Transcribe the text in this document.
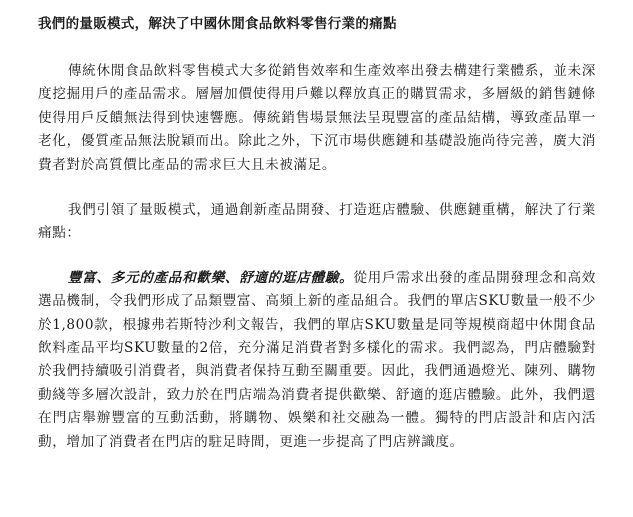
我們的量販模式，解決了中國休閒食品飲料零售行業的痛點

傳統休閒食品飲料零售模式大多從銷售效率和生產效率出發去構建行業體系，並未深度挖掘用戶的產品需求。層層加價使得用戶難以釋放真正的購買需求，多層級的銷售鏈條使得用戶反饋無法得到快速響應。傳統銷售場景無法呈現豐富的產品結構，導致產品單一老化，優質產品無法脫穎而出。除此之外，下沉市場供應鏈和基礎設施尚待完善，廣大消費者對於高質價比產品的需求巨大且未被滿足。

我們引領了量販模式，通過創新產品開發、打造逛店體驗、供應鏈重構，解決了行業痛點：

豐富、多元的產品和歡樂、舒適的逛店體驗。從用戶需求出發的產品開發理念和高效選品機制，令我們形成了品類豐富、高頻上新的產品組合。我們的單店SKU數量一般不少於1,800款，根據弗若斯特沙利文報告，我們的單店SKU數量是同等規模商超中休閒食品飲料產品平均SKU數量的2倍，充分滿足消費者對多樣化的需求。我們認為，門店體驗對於我們持續吸引消費者，與消費者保持互動至關重要。因此，我們通過燈光、陳列、購物動綫等多層次設計，致力於在門店端為消費者提供歡樂、舒適的逛店體驗。此外，我們還在門店舉辦豐富的互動活動，將購物、娛樂和社交融為一體。獨特的門店設計和店內活動，增加了消費者在門店的駐足時間，更進一步提高了門店辨識度。
